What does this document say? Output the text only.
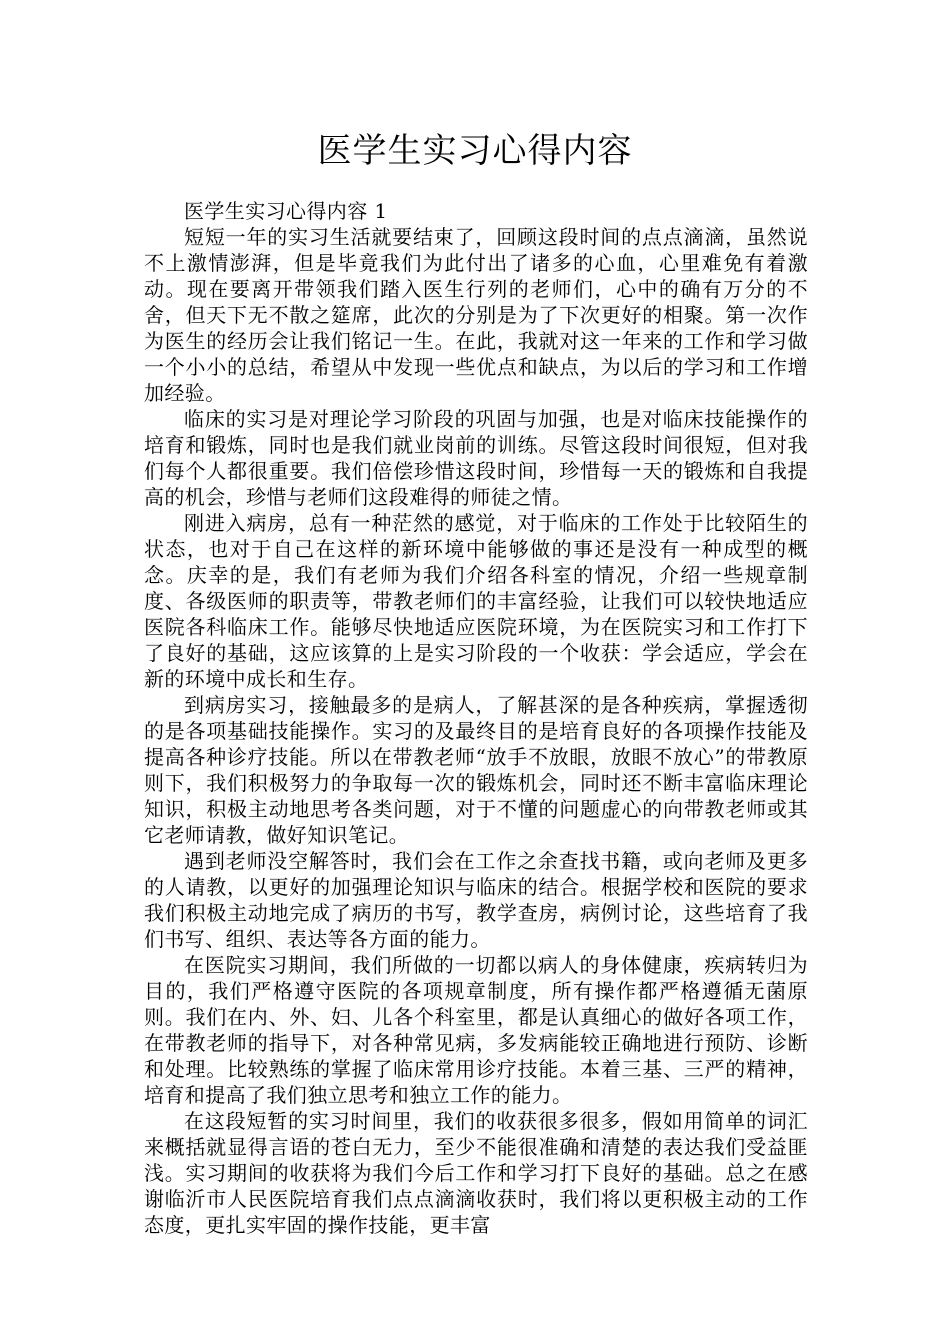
医学生实习心得内容

医学生实习心得内容 1

短短一年的实习生活就要结束了，回顾这段时间的点点滴滴，虽然说不上激情澎湃，但是毕竟我们为此付出了诸多的心血，心里难免有着激动。现在要离开带领我们踏入医生行列的老师们，心中的确有万分的不舍，但天下无不散之筵席，此次的分别是为了下次更好的相聚。第一次作为医生的经历会让我们铭记一生。在此，我就对这一年来的工作和学习做一个小小的总结，希望从中发现一些优点和缺点，为以后的学习和工作增加经验。

临床的实习是对理论学习阶段的巩固与加强，也是对临床技能操作的培育和锻炼，同时也是我们就业岗前的训练。尽管这段时间很短，但对我们每个人都很重要。我们倍偿珍惜这段时间，珍惜每一天的锻炼和自我提高的机会，珍惜与老师们这段难得的师徒之情。

刚进入病房，总有一种茫然的感觉，对于临床的工作处于比较陌生的状态，也对于自己在这样的新环境中能够做的事还是没有一种成型的概念。庆幸的是，我们有老师为我们介绍各科室的情况，介绍一些规章制度、各级医师的职责等，带教老师们的丰富经验，让我们可以较快地适应医院各科临床工作。能够尽快地适应医院环境，为在医院实习和工作打下了良好的基础，这应该算的上是实习阶段的一个收获：学会适应，学会在新的环境中成长和生存。

到病房实习，接触最多的是病人，了解甚深的是各种疾病，掌握透彻的是各项基础技能操作。实习的及最终目的是培育良好的各项操作技能及提高各种诊疗技能。所以在带教老师“放手不放眼，放眼不放心”的带教原则下，我们积极努力的争取每一次的锻炼机会，同时还不断丰富临床理论知识，积极主动地思考各类问题，对于不懂的问题虚心的向带教老师或其它老师请教，做好知识笔记。

遇到老师没空解答时，我们会在工作之余查找书籍，或向老师及更多的人请教，以更好的加强理论知识与临床的结合。根据学校和医院的要求我们积极主动地完成了病历的书写，教学查房，病例讨论，这些培育了我们书写、组织、表达等各方面的能力。

在医院实习期间，我们所做的一切都以病人的身体健康，疾病转归为目的，我们严格遵守医院的各项规章制度，所有操作都严格遵循无菌原则。我们在内、外、妇、儿各个科室里，都是认真细心的做好各项工作，在带教老师的指导下，对各种常见病，多发病能较正确地进行预防、诊断和处理。比较熟练的掌握了临床常用诊疗技能。本着三基、三严的精神，培育和提高了我们独立思考和独立工作的能力。

在这段短暂的实习时间里，我们的收获很多很多，假如用简单的词汇来概括就显得言语的苍白无力，至少不能很准确和清楚的表达我们受益匪浅。实习期间的收获将为我们今后工作和学习打下良好的基础。总之在感谢临沂市人民医院培育我们点点滴滴收获时，我们将以更积极主动的工作态度，更扎实牢固的操作技能，更丰富
